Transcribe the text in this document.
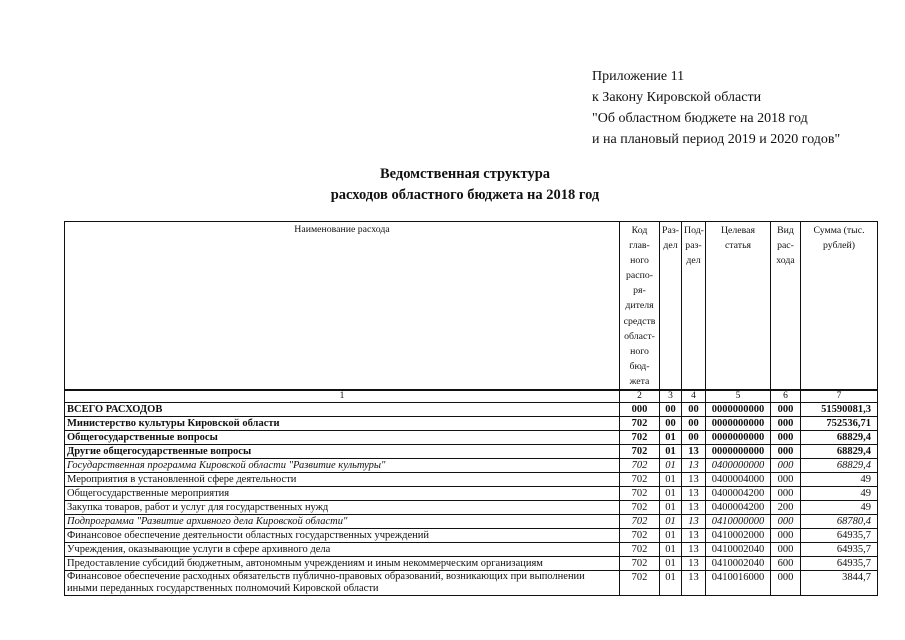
Приложение 11
к Закону Кировской области
"Об областном бюджете на 2018 год
и на плановый период 2019 и 2020 годов"
Ведомственная структура
расходов областного бюджета на 2018 год
Наименование расхода	Код глав- ного распо- ря- дителя средств област- ного бюд- жета	Раз- дел	Под- раз- дел	Целевая статья	Вид рас- хода	Сумма (тыс. рублей)
1	2	3	4	5	6	7
ВСЕГО РАСХОДОВ	000	00	00	0000000000	000	51590081,3
Министерство культуры Кировской области	702	00	00	0000000000	000	752536,71
Общегосударственные вопросы	702	01	00	0000000000	000	68829,4
Другие общегосударственные вопросы	702	01	13	0000000000	000	68829,4
Государственная программа Кировской области "Развитие культуры"	702	01	13	0400000000	000	68829,4
Мероприятия в установленной сфере деятельности	702	01	13	0400004000	000	49
Общегосударственные мероприятия	702	01	13	0400004200	000	49
Закупка товаров, работ и услуг для государственных нужд	702	01	13	0400004200	200	49
Подпрограмма "Развитие архивного дела Кировской области"	702	01	13	0410000000	000	68780,4
Финансовое обеспечение деятельности областных государственных учреждений	702	01	13	0410002000	000	64935,7
Учреждения, оказывающие услуги в сфере архивного дела	702	01	13	0410002040	000	64935,7
Предоставление субсидий бюджетным, автономным учреждениям и иным некоммерческим организациям	702	01	13	0410002040	600	64935,7
Финансовое обеспечение расходных обязательств публично-правовых образований, возникающих при выполнении иными переданных государственных полномочий Кировской области	702	01	13	0410016000	000	3844,7
